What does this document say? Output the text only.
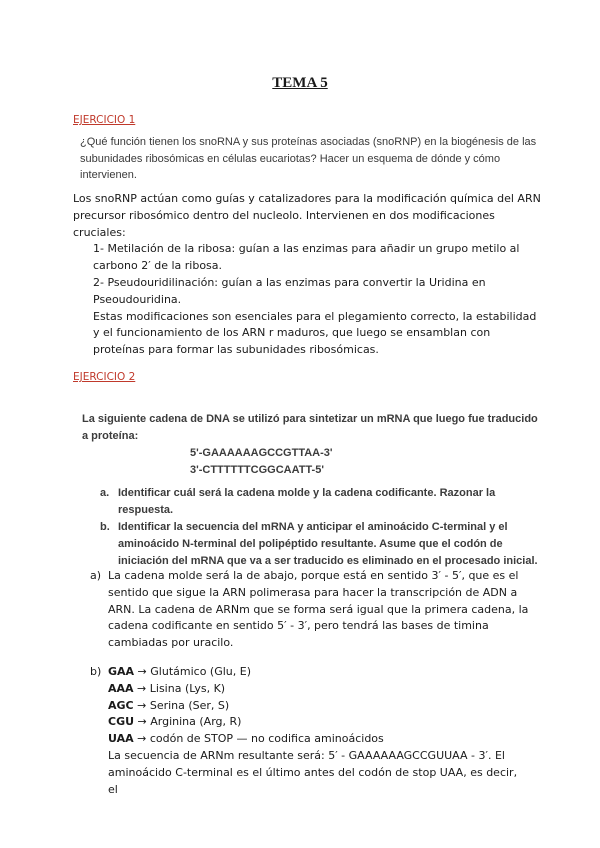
TEMA 5
EJERCICIO 1
¿Qué función tienen los snoRNA y sus proteínas asociadas (snoRNP) en la biogénesis de las subunidades ribosómicas en células eucariotas? Hacer un esquema de dónde y cómo intervienen.
Los snoRNP actúan como guías y catalizadores para la modificación química del ARN precursor ribosómico dentro del nucleolo. Intervienen en dos modificaciones cruciales:
1- Metilación de la ribosa: guían a las enzimas para añadir un grupo metilo al carbono 2′ de la ribosa.
2- Pseudouridilinación: guían a las enzimas para convertir la Uridina en Pseoudouridina.
Estas modificaciones son esenciales para el plegamiento correcto, la estabilidad y el funcionamiento de los ARN r maduros, que luego se ensamblan con proteínas para formar las subunidades ribosómicas.
EJERCICIO 2
La siguiente cadena de DNA se utilizó para sintetizar un mRNA que luego fue traducido a proteína:
5'-GAAAAAAGCCGTTAA-3'
3'-CTTTTTTCGGCAATT-5'
a. Identificar cuál será la cadena molde y la cadena codificante. Razonar la respuesta.
b. Identificar la secuencia del mRNA y anticipar el aminoácido C-terminal y el aminoácido N-terminal del polipéptido resultante. Asume que el codón de iniciación del mRNA que va a ser traducido es eliminado en el procesado inicial.
a) La cadena molde será la de abajo, porque está en sentido 3′ - 5′, que es el sentido que sigue la ARN polimerasa para hacer la transcripción de ADN a ARN. La cadena de ARNm que se forma será igual que la primera cadena, la cadena codificante en sentido 5′ - 3′, pero tendrá las bases de timina cambiadas por uracilo.
b) GAA → Glutámico (Glu, E)
AAA → Lisina (Lys, K)
AGC → Serina (Ser, S)
CGU → Arginina (Arg, R)
UAA → codón de STOP — no codifica aminoácidos
La secuencia de ARNm resultante será: 5′ - GAAAAAAGCCGUUAA - 3′. El aminoácido C-terminal es el último antes del codón de stop UAA, es decir, el
